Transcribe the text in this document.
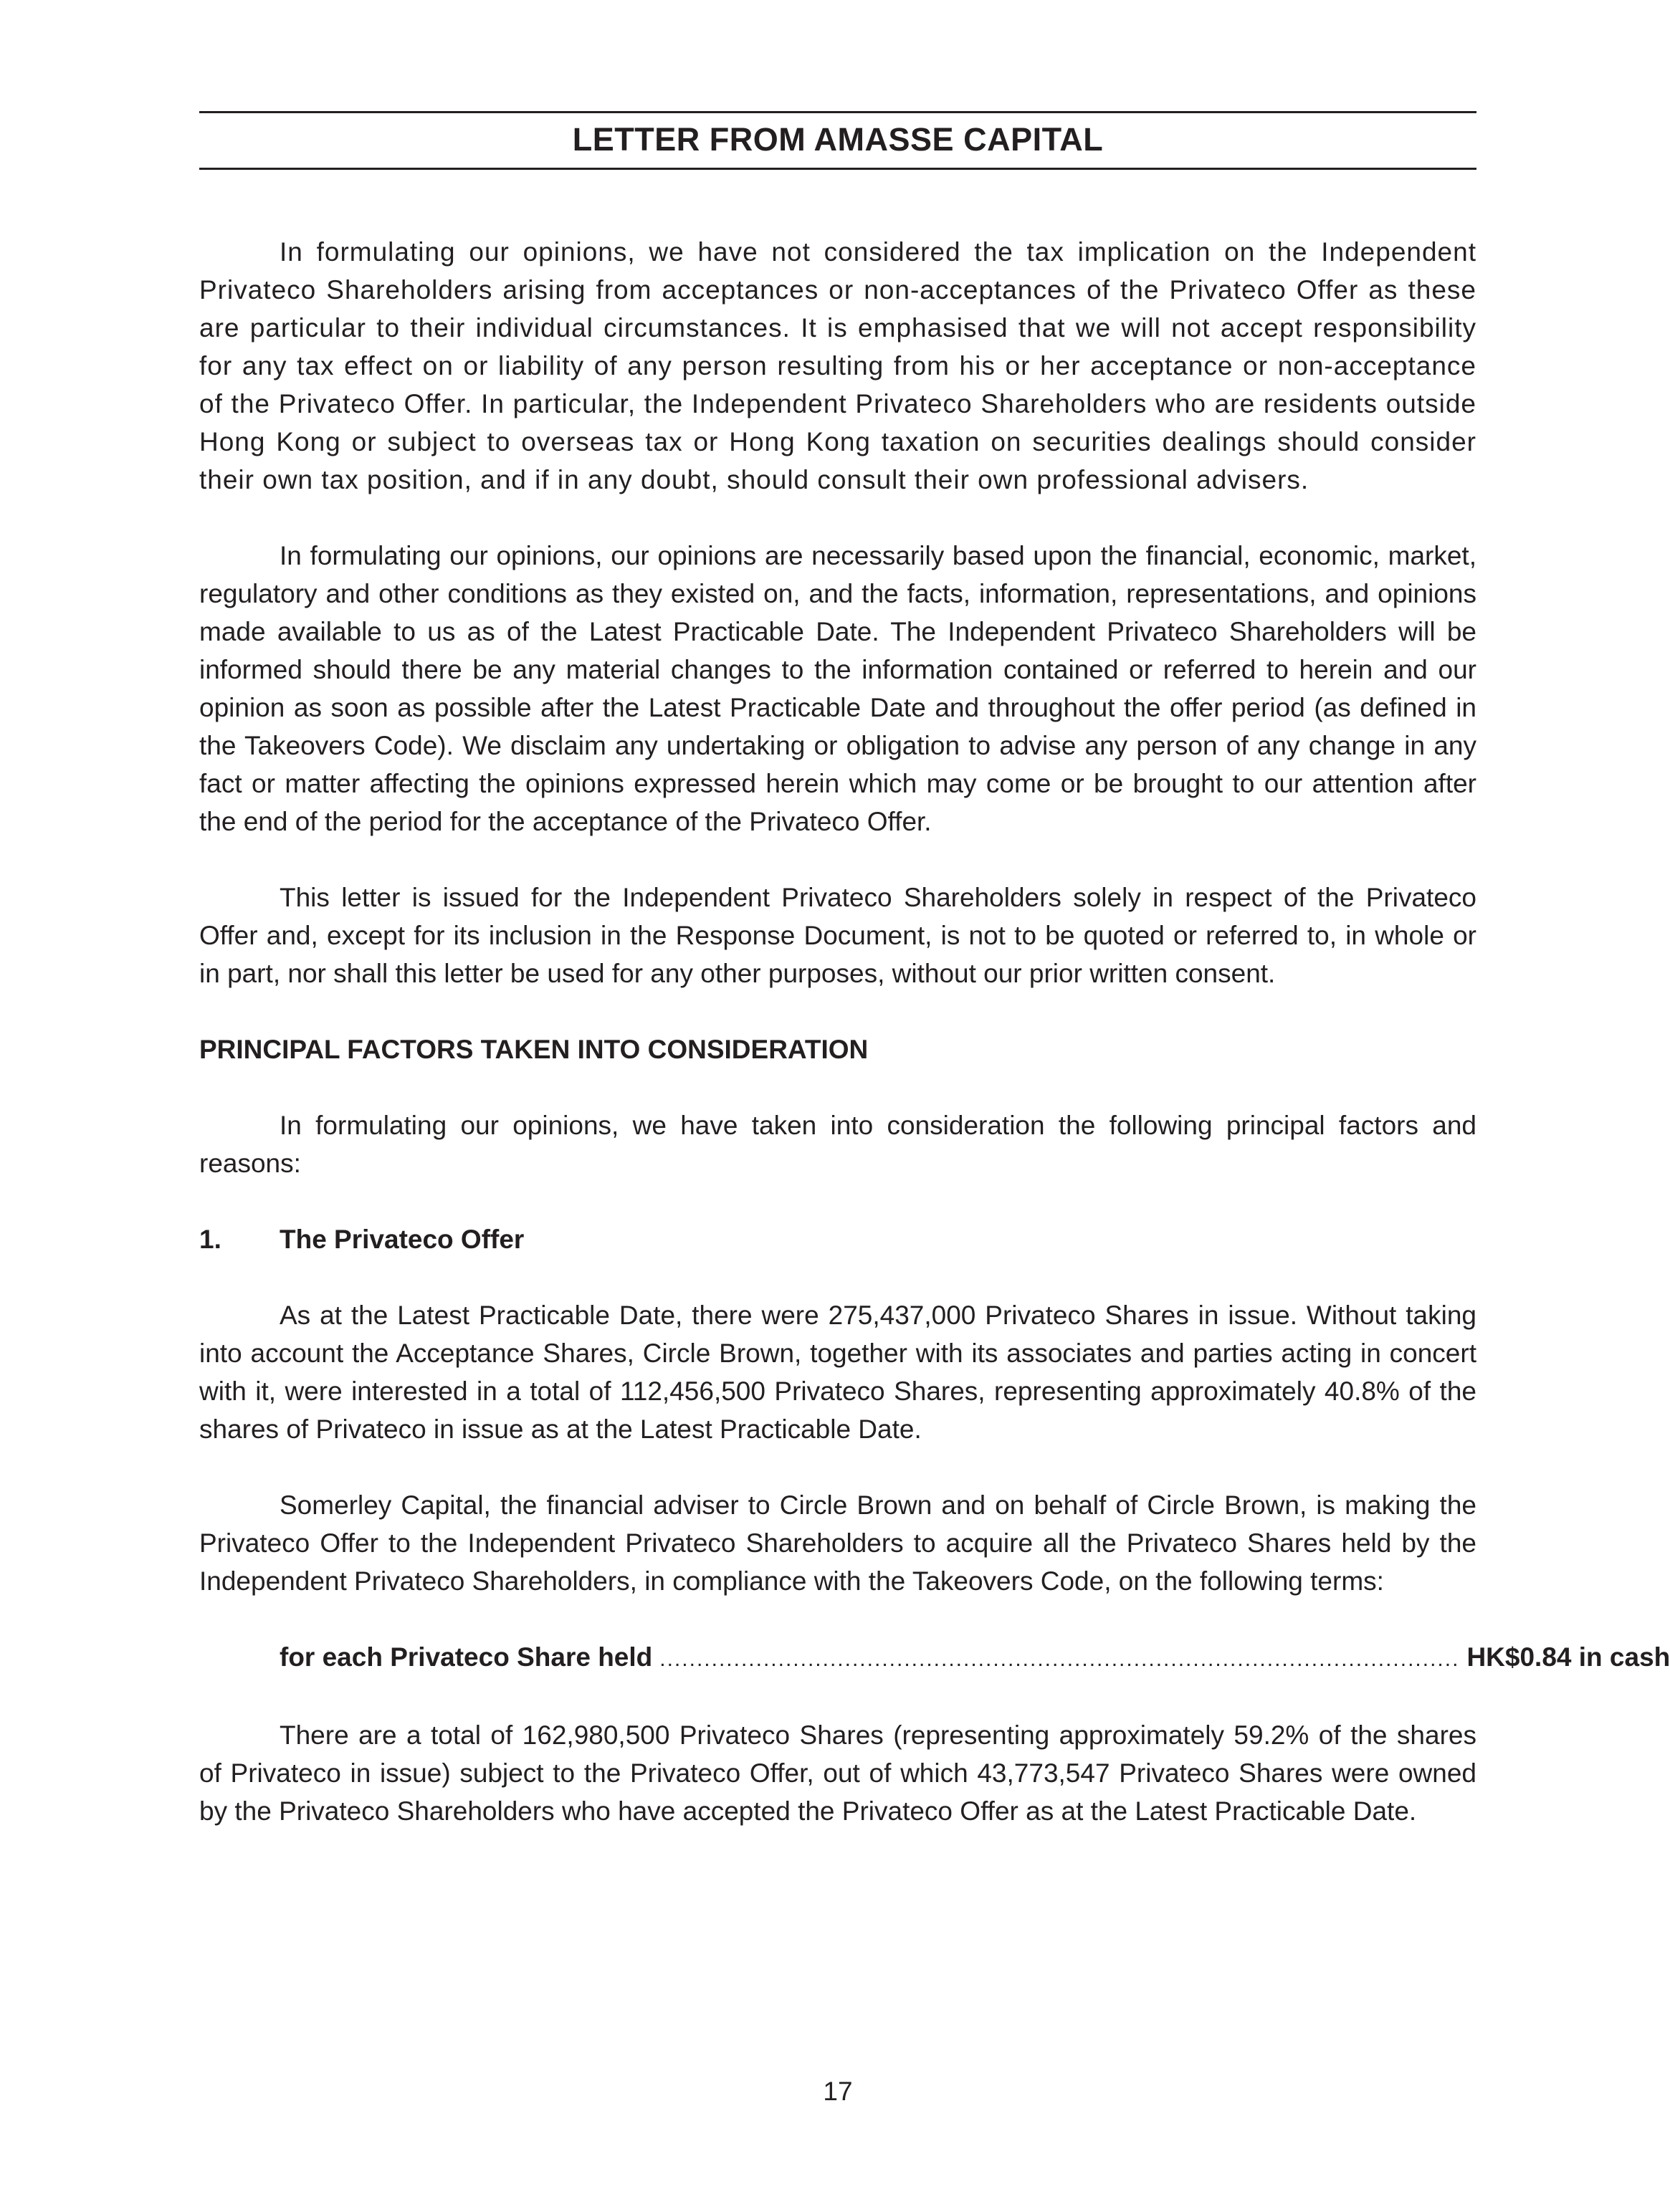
LETTER FROM AMASSE CAPITAL

In formulating our opinions, we have not considered the tax implication on the Independent Privateco Shareholders arising from acceptances or non-acceptances of the Privateco Offer as these are particular to their individual circumstances. It is emphasised that we will not accept responsibility for any tax effect on or liability of any person resulting from his or her acceptance or non-acceptance of the Privateco Offer. In particular, the Independent Privateco Shareholders who are residents outside Hong Kong or subject to overseas tax or Hong Kong taxation on securities dealings should consider their own tax position, and if in any doubt, should consult their own professional advisers.

In formulating our opinions, our opinions are necessarily based upon the financial, economic, market, regulatory and other conditions as they existed on, and the facts, information, representations, and opinions made available to us as of the Latest Practicable Date. The Independent Privateco Shareholders will be informed should there be any material changes to the information contained or referred to herein and our opinion as soon as possible after the Latest Practicable Date and throughout the offer period (as defined in the Takeovers Code). We disclaim any undertaking or obligation to advise any person of any change in any fact or matter affecting the opinions expressed herein which may come or be brought to our attention after the end of the period for the acceptance of the Privateco Offer.

This letter is issued for the Independent Privateco Shareholders solely in respect of the Privateco Offer and, except for its inclusion in the Response Document, is not to be quoted or referred to, in whole or in part, nor shall this letter be used for any other purposes, without our prior written consent.

PRINCIPAL FACTORS TAKEN INTO CONSIDERATION

In formulating our opinions, we have taken into consideration the following principal factors and reasons:

1.	The Privateco Offer

As at the Latest Practicable Date, there were 275,437,000 Privateco Shares in issue. Without taking into account the Acceptance Shares, Circle Brown, together with its associates and parties acting in concert with it, were interested in a total of 112,456,500 Privateco Shares, representing approximately 40.8% of the shares of Privateco in issue as at the Latest Practicable Date.

Somerley Capital, the financial adviser to Circle Brown and on behalf of Circle Brown, is making the Privateco Offer to the Independent Privateco Shareholders to acquire all the Privateco Shares held by the Independent Privateco Shareholders, in compliance with the Takeovers Code, on the following terms:

for each Privateco Share held ............................................................................................................ HK$0.84 in cash

There are a total of 162,980,500 Privateco Shares (representing approximately 59.2% of the shares of Privateco in issue) subject to the Privateco Offer, out of which 43,773,547 Privateco Shares were owned by the Privateco Shareholders who have accepted the Privateco Offer as at the Latest Practicable Date.

17
